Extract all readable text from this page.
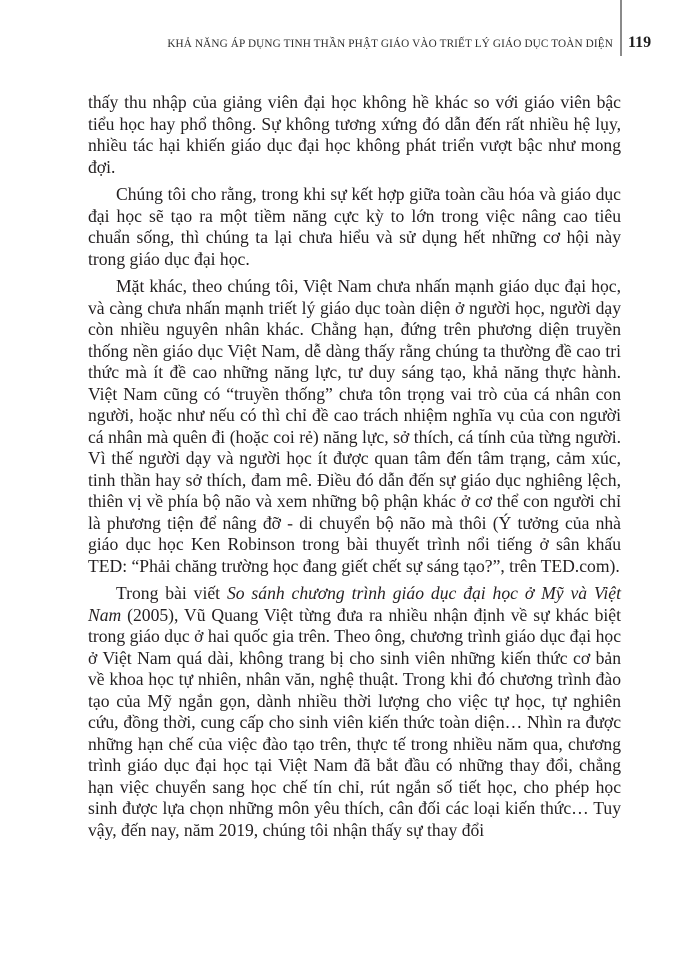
KHẢ NĂNG ÁP DỤNG TINH THẦN PHẬT GIÁO VÀO TRIẾT LÝ GIÁO DỤC TOÀN DIỆN 119

thấy thu nhập của giảng viên đại học không hề khác so với giáo viên bậc tiểu học hay phổ thông. Sự không tương xứng đó dẫn đến rất nhiều hệ lụy, nhiều tác hại khiến giáo dục đại học không phát triển vượt bậc như mong đợi.

Chúng tôi cho rằng, trong khi sự kết hợp giữa toàn cầu hóa và giáo dục đại học sẽ tạo ra một tiềm năng cực kỳ to lớn trong việc nâng cao tiêu chuẩn sống, thì chúng ta lại chưa hiểu và sử dụng hết những cơ hội này trong giáo dục đại học.

Mặt khác, theo chúng tôi, Việt Nam chưa nhấn mạnh giáo dục đại học, và càng chưa nhấn mạnh triết lý giáo dục toàn diện ở người học, người dạy còn nhiều nguyên nhân khác. Chẳng hạn, đứng trên phương diện truyền thống nền giáo dục Việt Nam, dễ dàng thấy rằng chúng ta thường đề cao tri thức mà ít đề cao những năng lực, tư duy sáng tạo, khả năng thực hành. Việt Nam cũng có “truyền thống” chưa tôn trọng vai trò của cá nhân con người, hoặc như nếu có thì chỉ đề cao trách nhiệm nghĩa vụ của con người cá nhân mà quên đi (hoặc coi rẻ) năng lực, sở thích, cá tính của từng người. Vì thế người dạy và người học ít được quan tâm đến tâm trạng, cảm xúc, tinh thần hay sở thích, đam mê. Điều đó dẫn đến sự giáo dục nghiêng lệch, thiên vị về phía bộ não và xem những bộ phận khác ở cơ thể con người chỉ là phương tiện để nâng đỡ - di chuyển bộ não mà thôi (Ý tưởng của nhà giáo dục học Ken Robinson trong bài thuyết trình nổi tiếng ở sân khấu TED: “Phải chăng trường học đang giết chết sự sáng tạo?”, trên TED.com).

Trong bài viết So sánh chương trình giáo dục đại học ở Mỹ và Việt Nam (2005), Vũ Quang Việt từng đưa ra nhiều nhận định về sự khác biệt trong giáo dục ở hai quốc gia trên. Theo ông, chương trình giáo dục đại học ở Việt Nam quá dài, không trang bị cho sinh viên những kiến thức cơ bản về khoa học tự nhiên, nhân văn, nghệ thuật. Trong khi đó chương trình đào tạo của Mỹ ngắn gọn, dành nhiều thời lượng cho việc tự học, tự nghiên cứu, đồng thời, cung cấp cho sinh viên kiến thức toàn diện… Nhìn ra được những hạn chế của việc đào tạo trên, thực tế trong nhiều năm qua, chương trình giáo dục đại học tại Việt Nam đã bắt đầu có những thay đổi, chẳng hạn việc chuyển sang học chế tín chỉ, rút ngắn số tiết học, cho phép học sinh được lựa chọn những môn yêu thích, cân đối các loại kiến thức… Tuy vậy, đến nay, năm 2019, chúng tôi nhận thấy sự thay đổi
